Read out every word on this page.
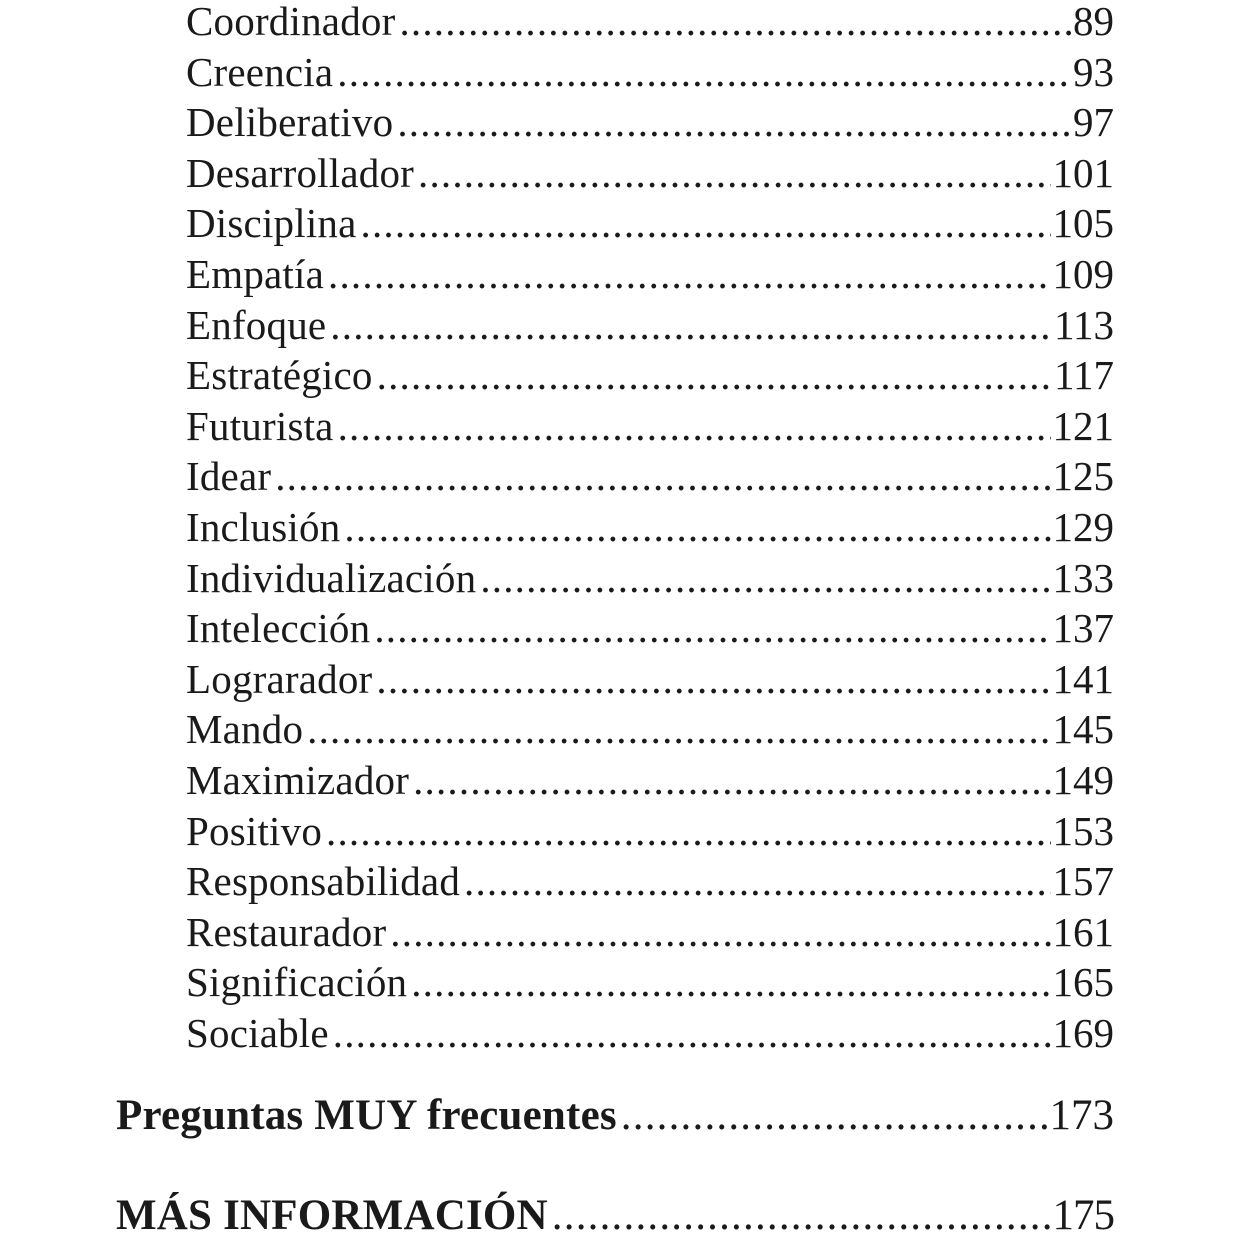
Coordinador .....	89
Creencia .....	93
Deliberativo .....	97
Desarrollador .....	101
Disciplina .....	105
Empatía .....	109
Enfoque .....	113
Estratégico .....	117
Futurista .....	121
Idear .....	125
Inclusión .....	129
Individualización .....	133
Intelección .....	137
Lograrador .....	141
Mando .....	145
Maximizador .....	149
Positivo .....	153
Responsabilidad .....	157
Restaurador .....	161
Significación .....	165
Sociable .....	169
Preguntas MUY frecuentes .....	173
MÁS INFORMACIÓN .....	175
